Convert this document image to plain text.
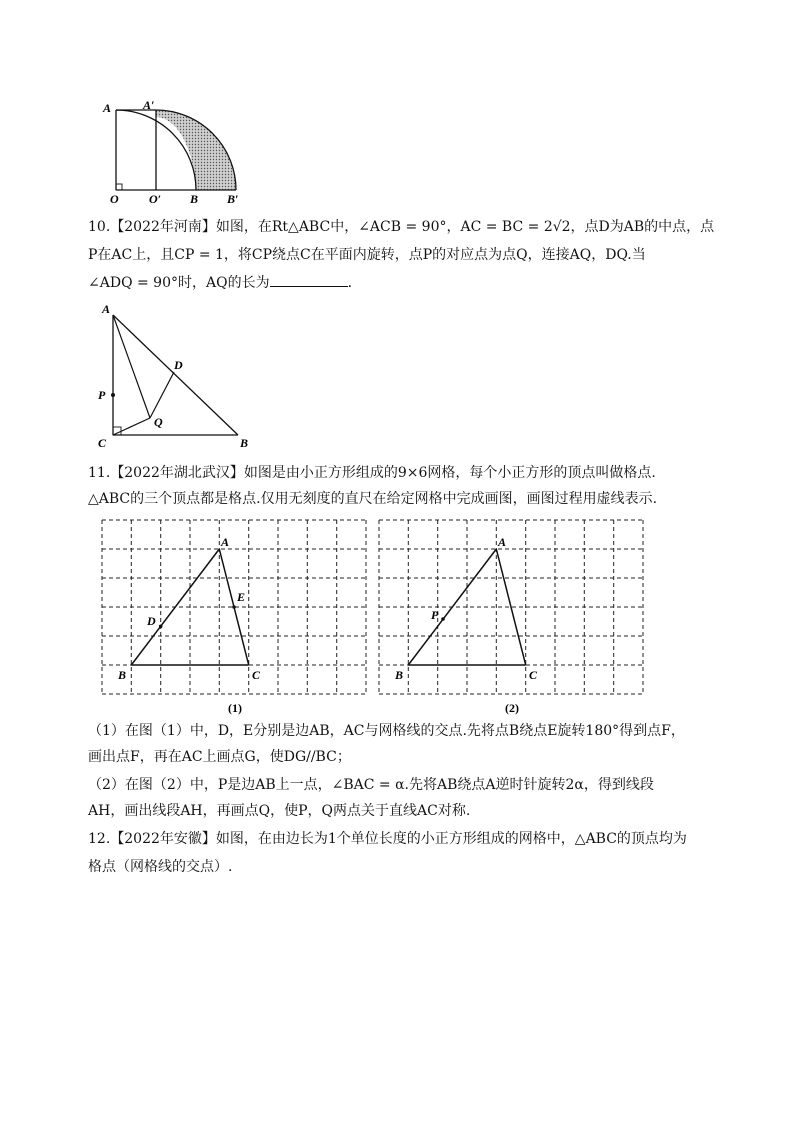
A	A′
O	O′ B B′
10.【2022年河南】如图，在Rt△ABC中，∠ACB = 90°，AC = BC = 2√2，点D为AB的中点，点
P在AC上，且CP = 1，将CP绕点C在平面内旋转，点P的对应点为点Q，连接AQ，DQ.当
∠ADQ = 90°时，AQ的长为	.
A
P
C
Q
D
B
11.【2022年湖北武汉】如图是由小正方形组成的9×6网格，每个小正方形的顶点叫做格点.
△ABC的三个顶点都是格点.仅用无刻度的直尺在给定网格中完成画图，画图过程用虚线表示.
A
B	C
D
E
(1)
A
B	C
P
(2)
（1）在图（1）中，D，E分别是边AB，AC与网格线的交点.先将点B绕点E旋转180°得到点F，
画出点F，再在AC上画点G，使DG//BC；
（2）在图（2）中，P是边AB上一点，∠BAC = α.先将AB绕点A逆时针旋转2α，得到线段
AH，画出线段AH，再画点Q，使P，Q两点关于直线AC对称.
12.【2022年安徽】如图，在由边长为1个单位长度的小正方形组成的网格中，△ABC的顶点均为
格点（网格线的交点）.
